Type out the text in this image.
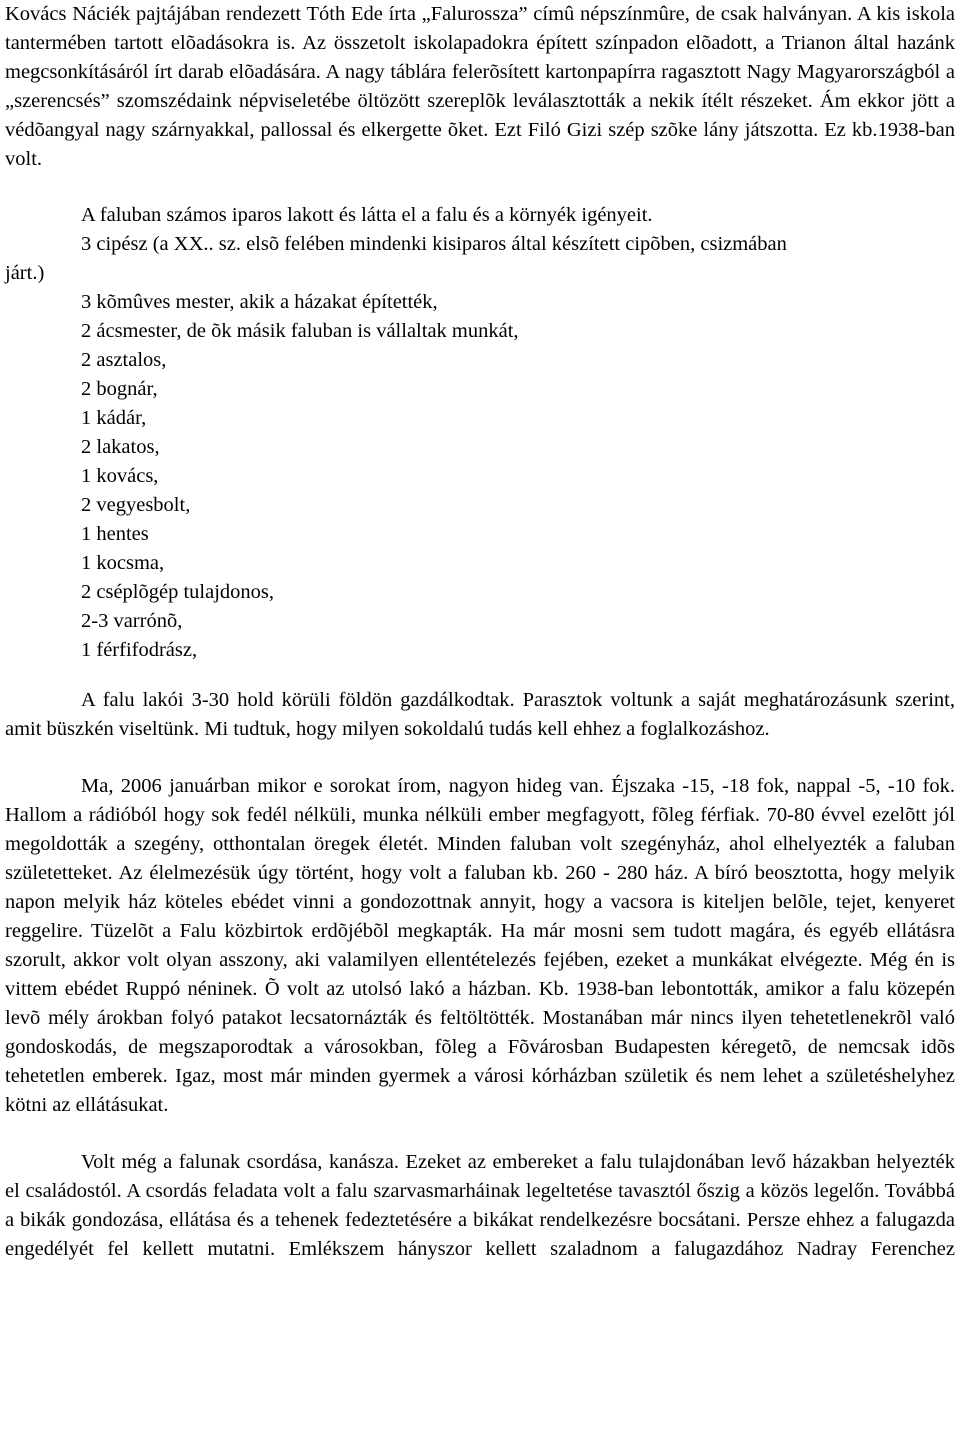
Kovács Náciék pajtájában rendezett Tóth Ede írta „Falurossza” címû népszínmûre, de csak halványan. A kis iskola tantermében tartott elõadásokra is. Az összetolt iskolapadokra épített színpadon elõadott, a Trianon által hazánk megcsonkításáról írt darab elõadására. A nagy táblára felerõsített kartonpapírra ragasztott Nagy Magyarországból a „szerencsés” szomszédaink népviseletébe öltözött szereplõk leválasztották a nekik ítélt részeket. Ám ekkor jött a védõangyal nagy szárnyakkal, pallossal és elkergette õket. Ezt Filó Gizi szép szõke lány játszotta. Ez kb.1938-ban volt.

A faluban számos iparos lakott és látta el a falu és a környék igényeit.

3 cipész (a XX.. sz. elsõ felében mindenki kisiparos által készített cipõben, csizmában

járt.)

3 kõmûves mester, akik a házakat építették,
2 ácsmester, de õk másik faluban is vállaltak munkát,
2 asztalos,
2 bognár,
1 kádár,
2 lakatos,
1 kovács,
2 vegyesbolt,
1 hentes
1 kocsma,
2 cséplõgép tulajdonos,
2-3 varrónõ,
1 férfifodrász,

A falu lakói 3-30 hold körüli földön gazdálkodtak. Parasztok voltunk a saját meghatározásunk szerint, amit büszkén viseltünk. Mi tudtuk, hogy milyen sokoldalú tudás kell ehhez a foglalkozáshoz.

Ma, 2006 januárban mikor e sorokat írom, nagyon hideg van. Éjszaka -15, -18 fok, nappal -5, -10 fok. Hallom a rádióból hogy sok fedél nélküli, munka nélküli ember megfagyott, fõleg férfiak. 70-80 évvel ezelõtt jól megoldották a szegény, otthontalan öregek életét. Minden faluban volt szegényház, ahol elhelyezték a faluban születetteket. Az élelmezésük úgy történt, hogy volt a faluban kb. 260 - 280 ház. A bíró beosztotta, hogy melyik napon melyik ház köteles ebédet vinni a gondozottnak annyit, hogy a vacsora is kiteljen belõle, tejet, kenyeret reggelire. Tüzelõt a Falu közbirtok erdõjébõl megkapták. Ha már mosni sem tudott magára, és egyéb ellátásra szorult, akkor volt olyan asszony, aki valamilyen ellentételezés fejében, ezeket a munkákat elvégezte. Még én is vittem ebédet Ruppó néninek. Õ volt az utolsó lakó a házban. Kb. 1938-ban lebontották, amikor a falu közepén levõ mély árokban folyó patakot lecsatornázták és feltöltötték. Mostanában már nincs ilyen tehetetlenekrõl való gondoskodás, de megszaporodtak a városokban, fõleg a Fõvárosban Budapesten kéregetõ, de nemcsak idõs tehetetlen emberek. Igaz, most már minden gyermek a városi kórházban születik és nem lehet a születéshelyhez kötni az ellátásukat.

Volt még a falunak csordása, kanásza. Ezeket az embereket a falu tulajdonában levő házakban helyezték el családostól. A csordás feladata volt a falu szarvasmarháinak legeltetése tavasztól őszig a közös legelőn. Továbbá a bikák gondozása, ellátása és a tehenek fedeztetésére a bikákat rendelkezésre bocsátani. Persze ehhez a falugazda engedélyét fel kellett mutatni. Emlékszem hányszor kellett szaladnom a falugazdához Nadray Ferenchez
